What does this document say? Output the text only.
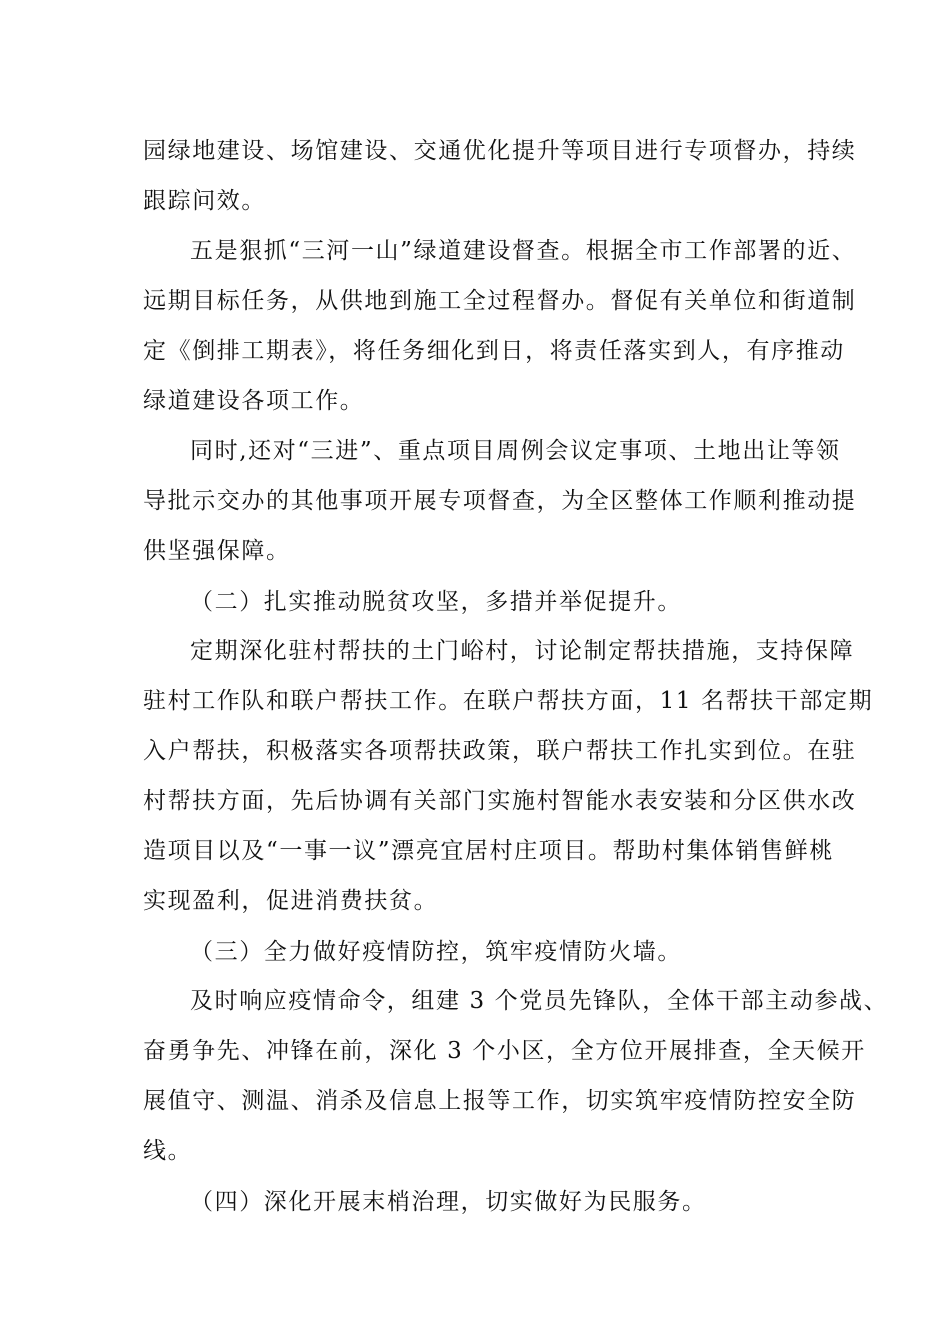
园绿地建设、场馆建设、交通优化提升等项目进行专项督办，持续
跟踪问效。
五是狠抓“三河一山”绿道建设督查。根据全市工作部署的近、
远期目标任务，从供地到施工全过程督办。督促有关单位和街道制
定《倒排工期表》，将任务细化到日，将责任落实到人，有序推动
绿道建设各项工作。
同时,还对“三进”、重点项目周例会议定事项、土地出让等领
导批示交办的其他事项开展专项督查，为全区整体工作顺利推动提
供坚强保障。
（二）扎实推动脱贫攻坚，多措并举促提升。
定期深化驻村帮扶的土门峪村，讨论制定帮扶措施，支持保障
驻村工作队和联户帮扶工作。在联户帮扶方面，11 名帮扶干部定期
入户帮扶，积极落实各项帮扶政策，联户帮扶工作扎实到位。在驻
村帮扶方面，先后协调有关部门实施村智能水表安装和分区供水改
造项目以及“一事一议”漂亮宜居村庄项目。帮助村集体销售鲜桃
实现盈利，促进消费扶贫。
（三）全力做好疫情防控，筑牢疫情防火墙。
及时响应疫情命令，组建 3 个党员先锋队，全体干部主动参战、
奋勇争先、冲锋在前，深化 3 个小区，全方位开展排查，全天候开
展值守、测温、消杀及信息上报等工作，切实筑牢疫情防控安全防
线。
（四）深化开展末梢治理，切实做好为民服务。
